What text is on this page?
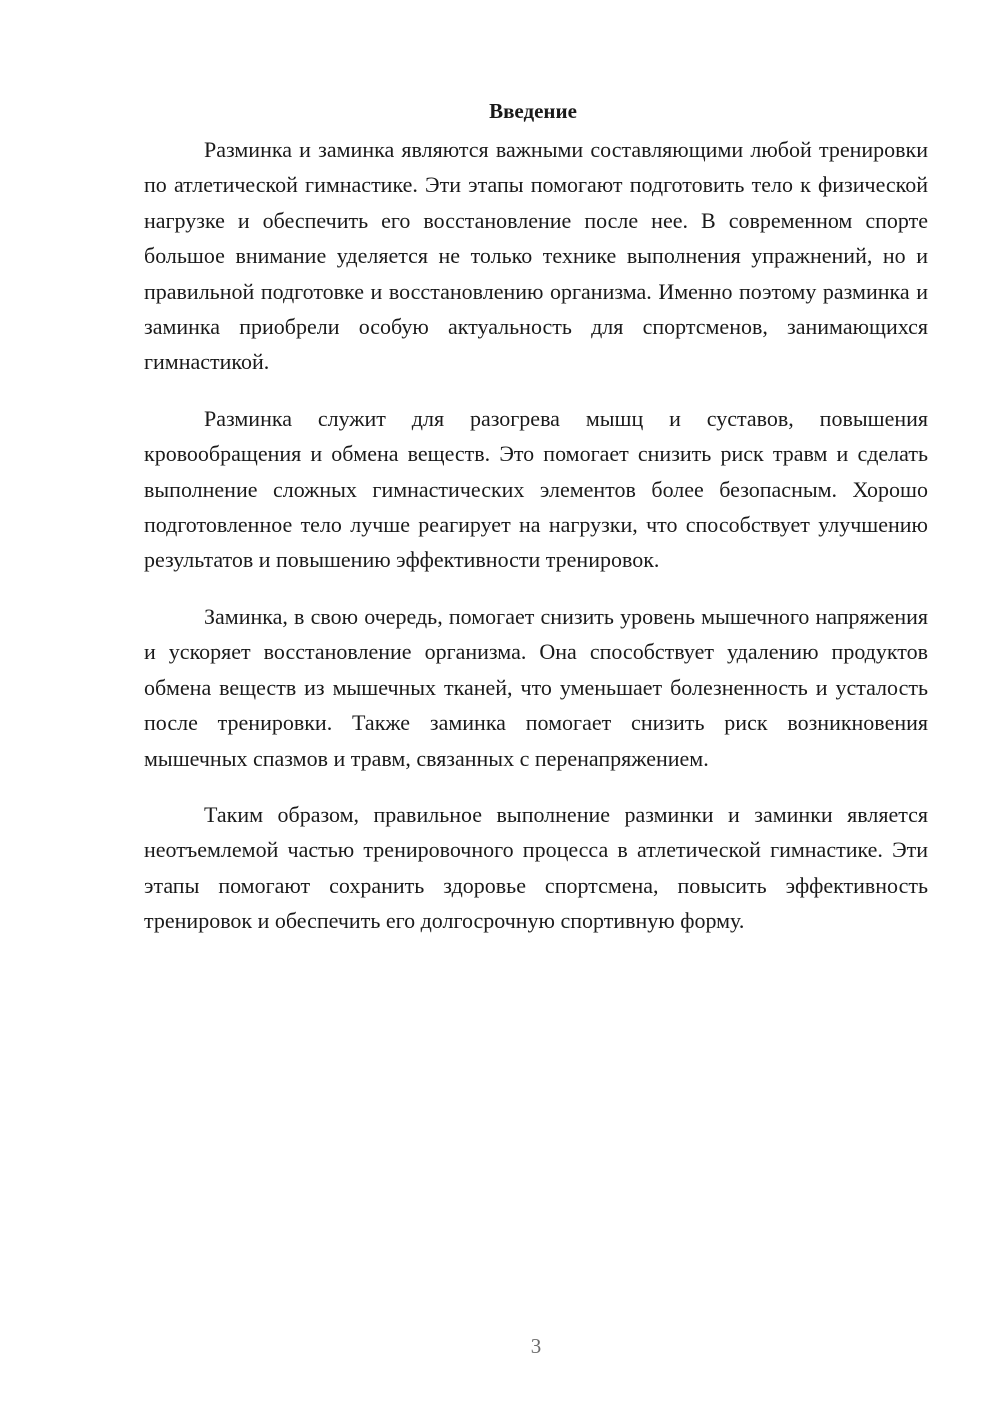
Введение

Разминка и заминка являются важными составляющими любой тренировки по атлетической гимнастике. Эти этапы помогают подготовить тело к физической нагрузке и обеспечить его восстановление после нее. В современном спорте большое внимание уделяется не только технике выполнения упражнений, но и правильной подготовке и восстановлению организма. Именно поэтому разминка и заминка приобрели особую актуальность для спортсменов, занимающихся гимнастикой.

Разминка служит для разогрева мышц и суставов, повышения кровообращения и обмена веществ. Это помогает снизить риск травм и сделать выполнение сложных гимнастических элементов более безопасным. Хорошо подготовленное тело лучше реагирует на нагрузки, что способствует улучшению результатов и повышению эффективности тренировок.

Заминка, в свою очередь, помогает снизить уровень мышечного напряжения и ускоряет восстановление организма. Она способствует удалению продуктов обмена веществ из мышечных тканей, что уменьшает болезненность и усталость после тренировки. Также заминка помогает снизить риск возникновения мышечных спазмов и травм, связанных с перенапряжением.

Таким образом, правильное выполнение разминки и заминки является неотъемлемой частью тренировочного процесса в атлетической гимнастике. Эти этапы помогают сохранить здоровье спортсмена, повысить эффективность тренировок и обеспечить его долгосрочную спортивную форму.

3
